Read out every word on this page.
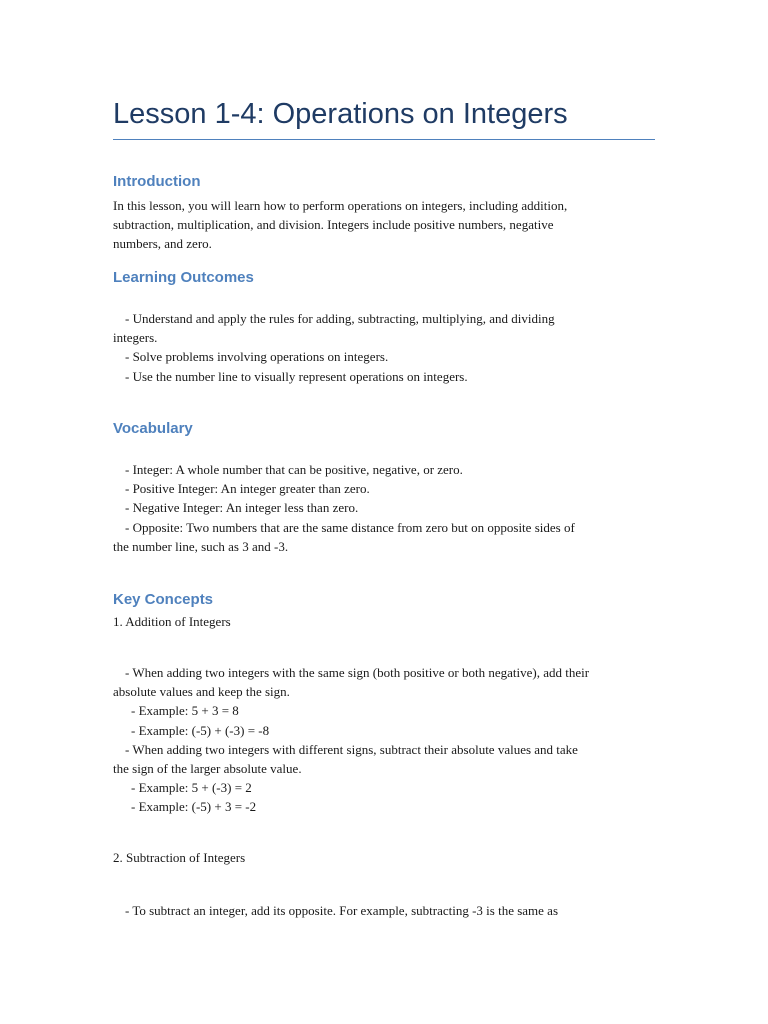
Lesson 1-4: Operations on Integers
Introduction
In this lesson, you will learn how to perform operations on integers, including addition,
subtraction, multiplication, and division. Integers include positive numbers, negative
numbers, and zero.
Learning Outcomes
- Understand and apply the rules for adding, subtracting, multiplying, and dividing
integers.
- Solve problems involving operations on integers.
- Use the number line to visually represent operations on integers.
Vocabulary
- Integer: A whole number that can be positive, negative, or zero.
- Positive Integer: An integer greater than zero.
- Negative Integer: An integer less than zero.
- Opposite: Two numbers that are the same distance from zero but on opposite sides of
the number line, such as 3 and -3.
Key Concepts
1. Addition of Integers
- When adding two integers with the same sign (both positive or both negative), add their
absolute values and keep the sign.
- Example: 5 + 3 = 8
- Example: (-5) + (-3) = -8
- When adding two integers with different signs, subtract their absolute values and take
the sign of the larger absolute value.
- Example: 5 + (-3) = 2
- Example: (-5) + 3 = -2
2. Subtraction of Integers
- To subtract an integer, add its opposite. For example, subtracting -3 is the same as
